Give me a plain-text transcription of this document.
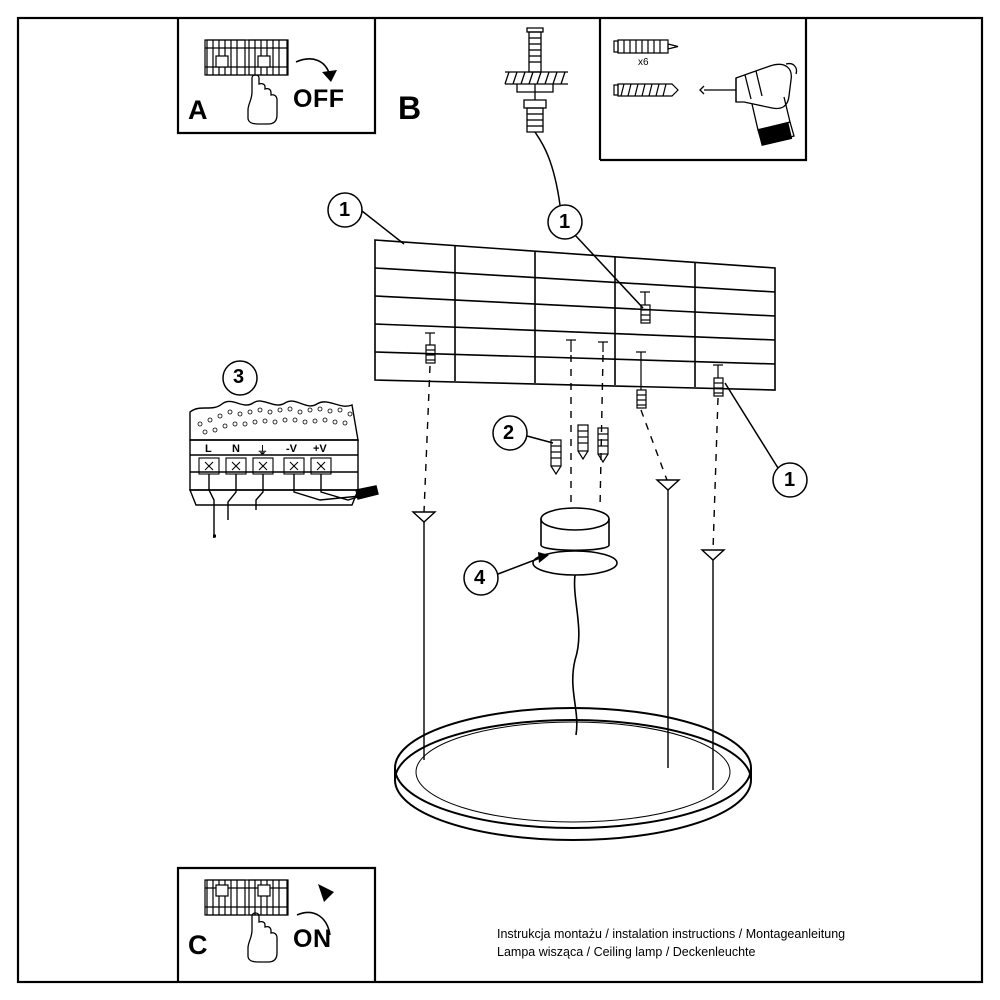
A	OFF B
x6
C	ON
1
1
1
2
3
4
L N ⏚ -V +V
Instrukcja montażu / instalation instructions / Montageanleitung
Lampa wisząca / Ceiling lamp / Deckenleuchte
